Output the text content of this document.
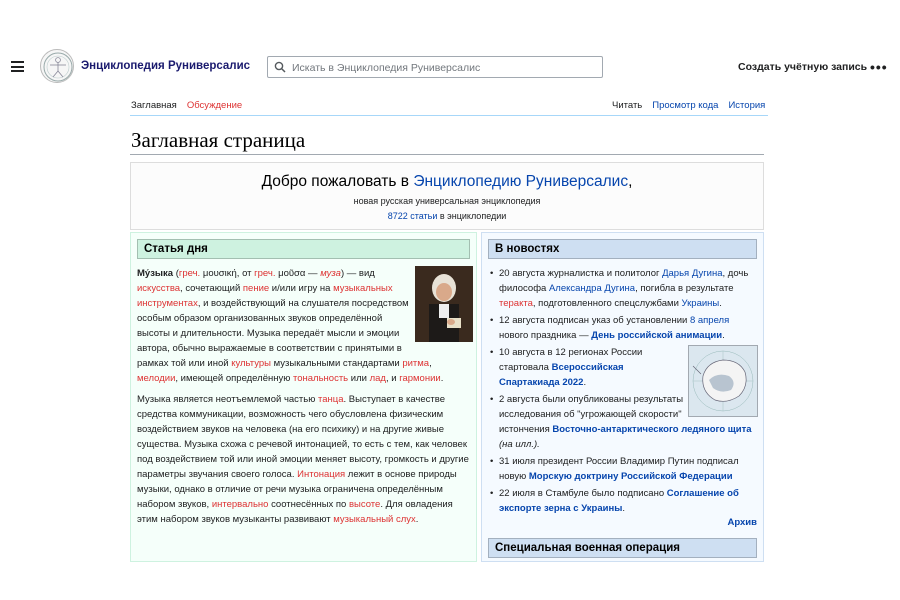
Энциклопедия Руниверсалис
Искать в Энциклопедия Руниверсалис	Создать учётную запись •••
Заглавная Обсуждение	Читать Просмотр кода История
Заглавная страница
Добро пожаловать в Энциклопедию Руниверсалис,
новая русская универсальная энциклопедия
8722 статьи в энциклопедии
Статья дня

Му́зыка (греч. μουσική, от греч. μοῦσα — муза) — вид искусства, сочетающий пение и/или игру на музыкальных инструментах, и воздействующий на слушателя посредством особым образом организованных звуков определённой высоты и длительности. Музыка передаёт мысли и эмоции автора, обычно выражаемые в соответствии с принятыми в рамках той или иной культуры музыкальными стандартами ритма, мелодии, имеющей определённую тональность или лад, и гармонии.

Музыка является неотъемлемой частью танца. Выступает в качестве средства коммуникации, возможность чего обусловлена физическим воздействием звуков на человека (на его психику) и на другие живые существа. Музыка схожа с речевой интонацией, то есть с тем, как человек под воздействием той или иной эмоции меняет высоту, громкость и другие параметры звучания своего голоса. Интонация лежит в основе природы музыки, однако в отличие от речи музыка ограничена определённым набором звуков, интервально соотнесённых по высоте. Для овладения этим набором звуков музыканты развивают музыкальный слух.

В новостях
• 20 августа журналистка и политолог Дарья Дугина, дочь философа Александра Дугина, погибла в результате теракта, подготовленного спецслужбами Украины.
• 12 августа подписан указ об установлении 8 апреля нового праздника — День российской анимации.
• 10 августа в 12 регионах России стартовала Всероссийская Спартакиада 2022.
• 2 августа были опубликованы результаты исследования об "угрожающей скорости" истончения Восточно-антарктического ледяного щита (на илл.).
• 31 июля президент России Владимир Путин подписал новую Морскую доктрину Российской Федерации
• 22 июля в Стамбуле было подписано Соглашение об экспорте зерна с Украины.
Архив
Специальная военная операция
